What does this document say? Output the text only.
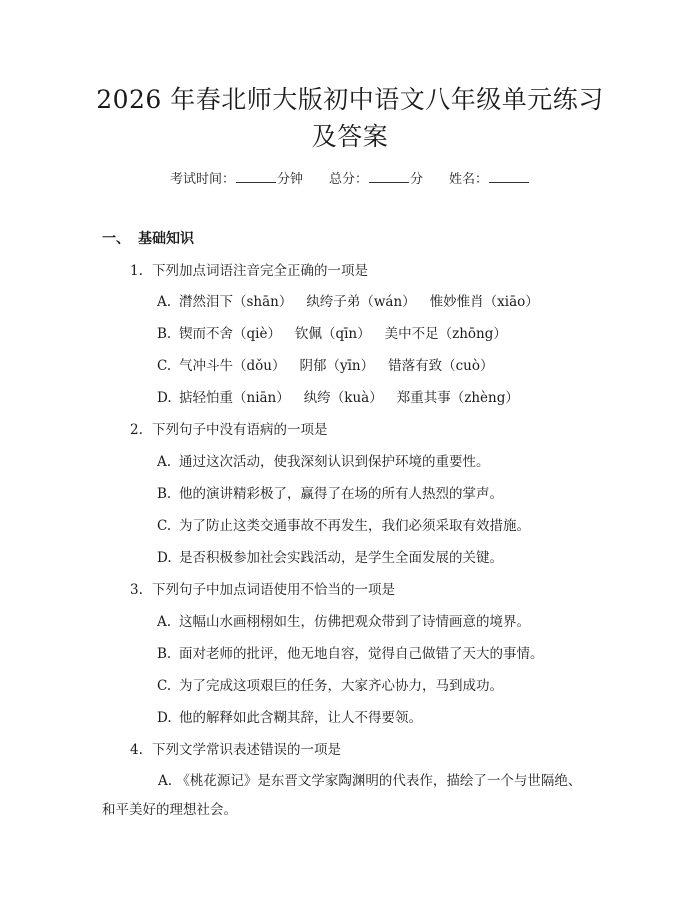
2026 年春北师大版初中语文八年级单元练习
及答案
考试时间：	分钟 总分：	分 姓名：
一、 基础知识
1. 下列加点词语注音完全正确的一项是
A. 潸然泪下（shān） 纨绔子弟（wán） 惟妙惟肖（xiāo）
B. 锲而不舍（qiè） 钦佩（qīn） 美中不足（zhōng）
C. 气冲斗牛（dǒu） 阴郁（yīn） 错落有致（cuò）
D. 掂轻怕重（niān） 纨绔（kuà） 郑重其事（zhèng）
2. 下列句子中没有语病的一项是
A. 通过这次活动，使我深刻认识到保护环境的重要性。
B. 他的演讲精彩极了，赢得了在场的所有人热烈的掌声。
C. 为了防止这类交通事故不再发生，我们必须采取有效措施。
D. 是否积极参加社会实践活动，是学生全面发展的关键。
3. 下列句子中加点词语使用不恰当的一项是
A. 这幅山水画栩栩如生，仿佛把观众带到了诗情画意的境界。
B. 面对老师的批评，他无地自容，觉得自己做错了天大的事情。
C. 为了完成这项艰巨的任务，大家齐心协力，马到成功。
D. 他的解释如此含糊其辞，让人不得要领。
4. 下列文学常识表述错误的一项是
A. 《桃花源记》是东晋文学家陶渊明的代表作，描绘了一个与世隔绝、
和平美好的理想社会。
